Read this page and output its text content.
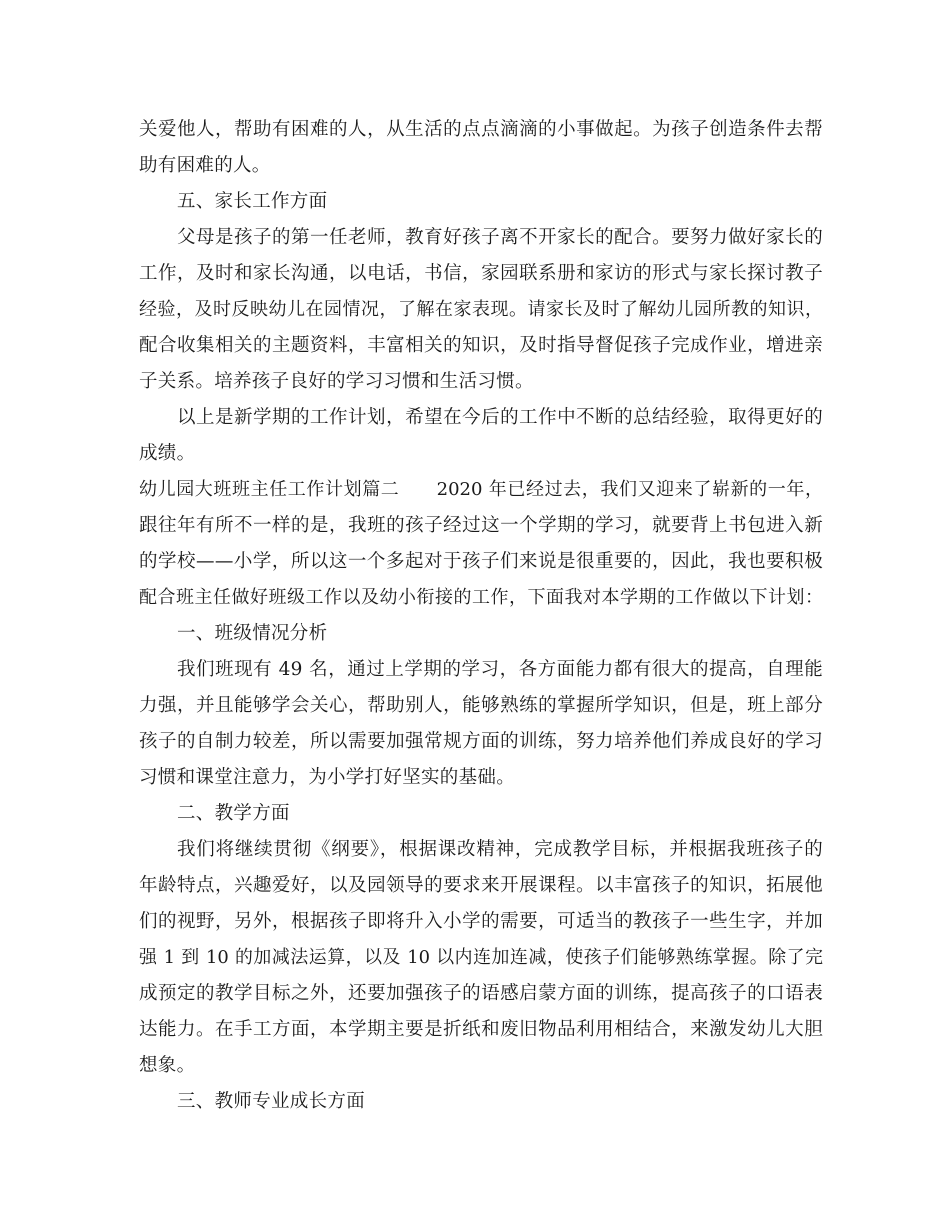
关爱他人，帮助有困难的人，从生活的点点滴滴的小事做起。为孩子创造条件去帮
助有困难的人。
五、家长工作方面
父母是孩子的第一任老师，教育好孩子离不开家长的配合。要努力做好家长的
工作，及时和家长沟通，以电话，书信，家园联系册和家访的形式与家长探讨教子
经验，及时反映幼儿在园情况，了解在家表现。请家长及时了解幼儿园所教的知识，
配合收集相关的主题资料，丰富相关的知识，及时指导督促孩子完成作业，增进亲
子关系。培养孩子良好的学习习惯和生活习惯。
以上是新学期的工作计划，希望在今后的工作中不断的总结经验，取得更好的
成绩。
幼儿园大班班主任工作计划篇二　　2020 年已经过去，我们又迎来了崭新的一年，
跟往年有所不一样的是，我班的孩子经过这一个学期的学习，就要背上书包进入新
的学校——小学，所以这一个多起对于孩子们来说是很重要的，因此，我也要积极
配合班主任做好班级工作以及幼小衔接的工作，下面我对本学期的工作做以下计划：
一、班级情况分析
我们班现有 49 名，通过上学期的学习，各方面能力都有很大的提高，自理能
力强，并且能够学会关心，帮助别人，能够熟练的掌握所学知识，但是，班上部分
孩子的自制力较差，所以需要加强常规方面的训练，努力培养他们养成良好的学习
习惯和课堂注意力，为小学打好坚实的基础。
二、教学方面
我们将继续贯彻《纲要》，根据课改精神，完成教学目标，并根据我班孩子的
年龄特点，兴趣爱好，以及园领导的要求来开展课程。以丰富孩子的知识，拓展他
们的视野，另外，根据孩子即将升入小学的需要，可适当的教孩子一些生字，并加
强 1 到 10 的加减法运算，以及 10 以内连加连减，使孩子们能够熟练掌握。除了完
成预定的教学目标之外，还要加强孩子的语感启蒙方面的训练，提高孩子的口语表
达能力。在手工方面，本学期主要是折纸和废旧物品利用相结合，来激发幼儿大胆
想象。
三、教师专业成长方面
